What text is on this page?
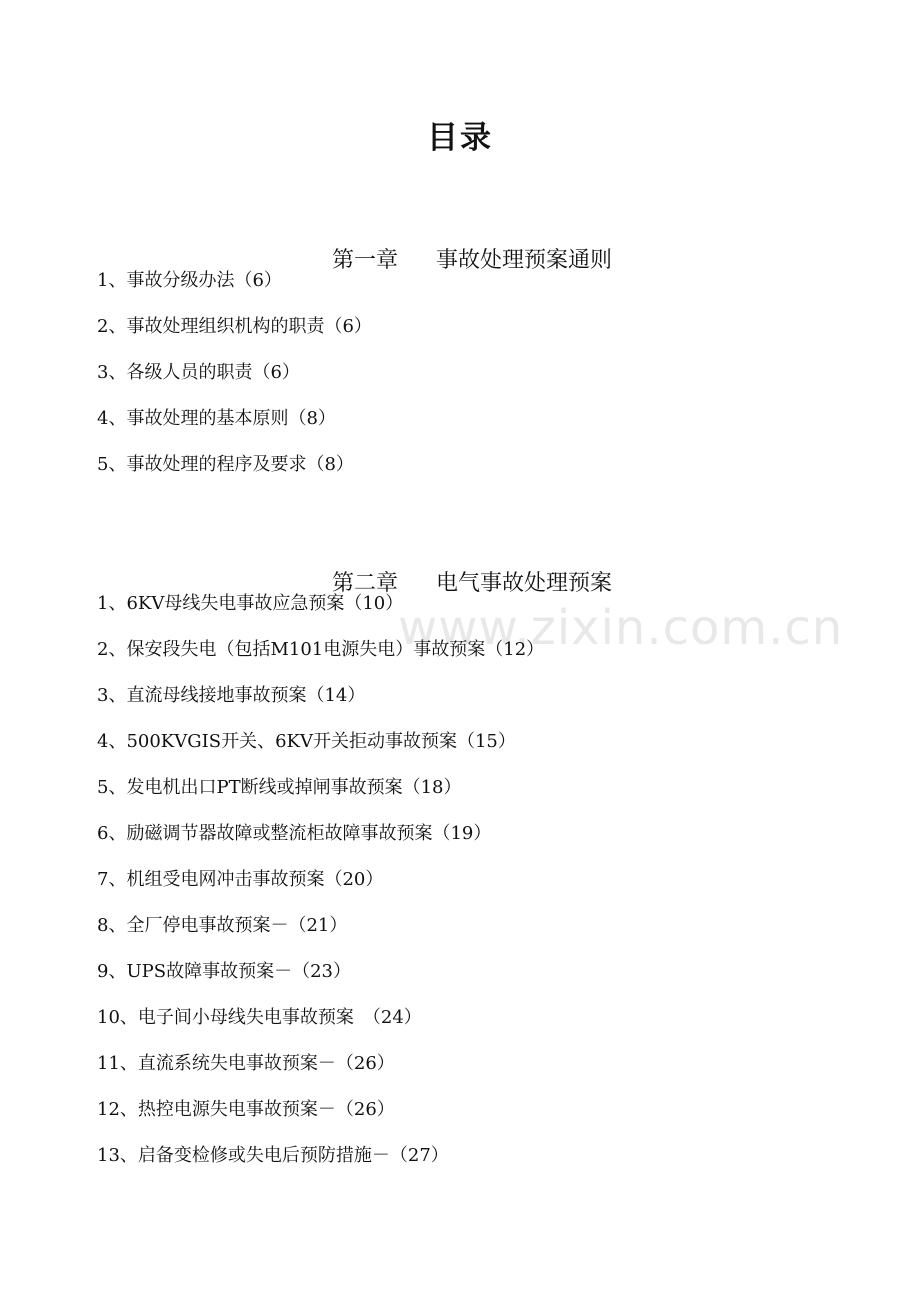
目录
www.zixin.com.cn

第一章 事故处理预案通则

1、事故分级办法（6）
2、事故处理组织机构的职责（6）
3、各级人员的职责（6）
4、事故处理的基本原则（8）
5、事故处理的程序及要求（8）

第二章 电气事故处理预案

1、6KV母线失电事故应急预案（10）
2、保安段失电（包括M101电源失电）事故预案（12）
3、直流母线接地事故预案（14）
4、500KVGIS开关、6KV开关拒动事故预案（15）
5、发电机出口PT断线或掉闸事故预案（18）
6、励磁调节器故障或整流柜故障事故预案（19）
7、机组受电网冲击事故预案（20）
8、全厂停电事故预案－（21）
9、UPS故障事故预案－（23）
10、电子间小母线失电事故预案　（24）
11、直流系统失电事故预案－（26）
12、热控电源失电事故预案－（26）
13、启备变检修或失电后预防措施－（27）
